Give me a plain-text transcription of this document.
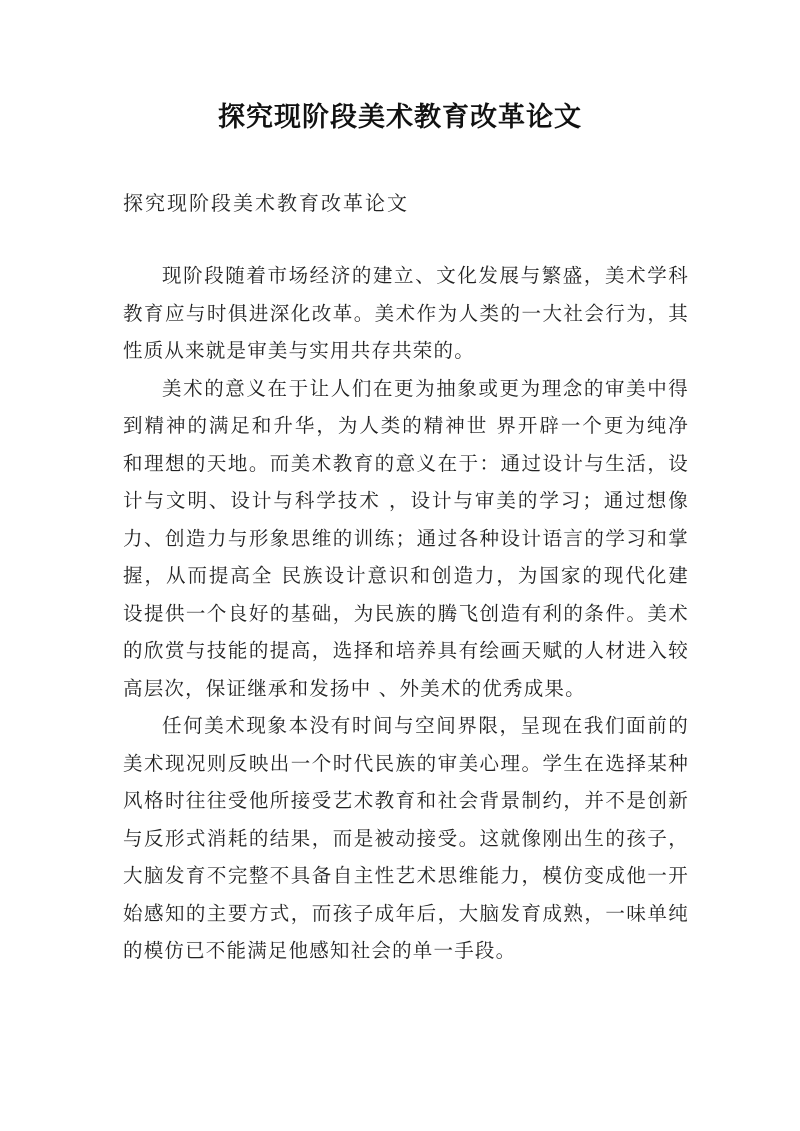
探究现阶段美术教育改革论文
探究现阶段美术教育改革论文

现阶段随着市场经济的建立、文化发展与繁盛，美术学科教育应与时俱进深化改革。美术作为人类的一大社会行为，其性质从来就是审美与实用共存共荣的。

美术的意义在于让人们在更为抽象或更为理念的审美中得到精神的满足和升华，为人类的精神世 界开辟一个更为纯净和理想的天地。而美术教育的意义在于：通过设计与生活，设计与文明、设计与科学技术 ，设计与审美的学习；通过想像力、创造力与形象思维的训练；通过各种设计语言的学习和掌握，从而提高全 民族设计意识和创造力，为国家的现代化建设提供一个良好的基础，为民族的腾飞创造有利的条件。美术的欣赏与技能的提高，选择和培养具有绘画天赋的人材进入较高层次，保证继承和发扬中 、外美术的优秀成果。

任何美术现象本没有时间与空间界限，呈现在我们面前的美术现况则反映出一个时代民族的审美心理。学生在选择某种风格时往往受他所接受艺术教育和社会背景制约，并不是创新与反形式消耗的结果，而是被动接受。这就像刚出生的孩子，大脑发育不完整不具备自主性艺术思维能力，模仿变成他一开始感知的主要方式，而孩子成年后，大脑发育成熟，一味单纯的模仿已不能满足他感知社会的单一手段。
